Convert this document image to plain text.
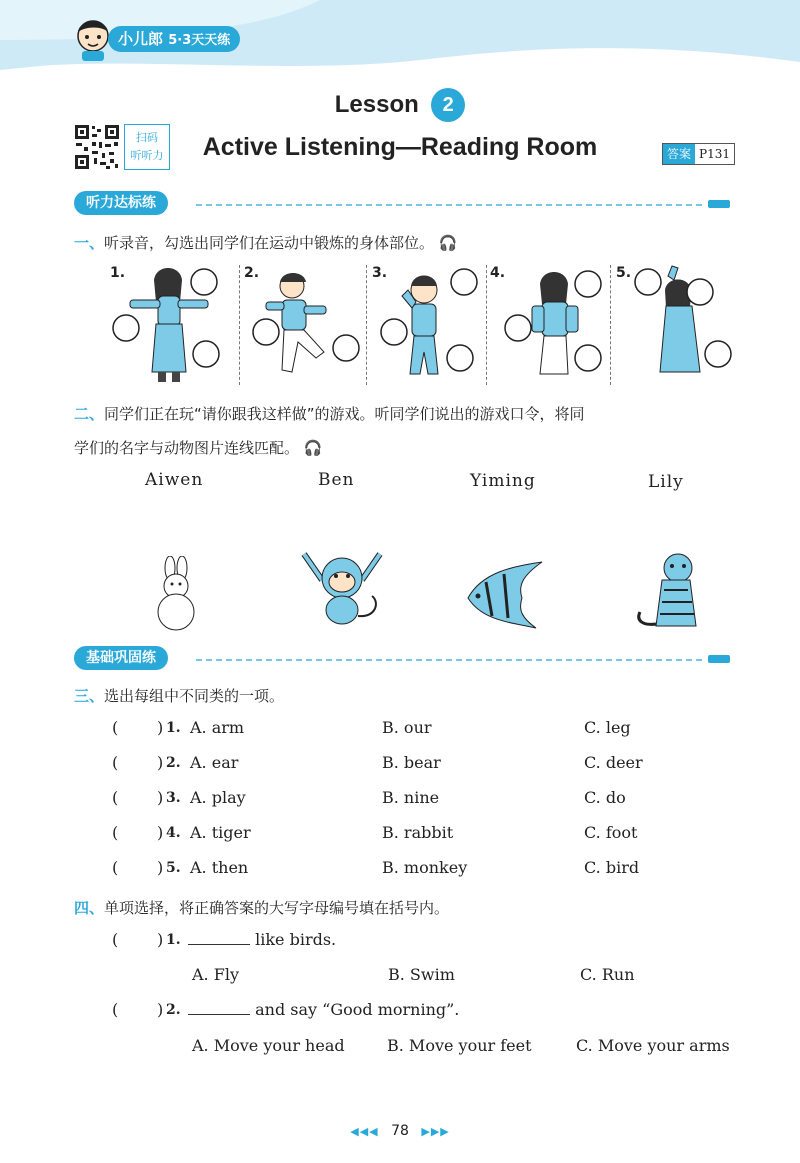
小儿郎 5·3天天练
Lesson 2
Active Listening—Reading Room
扫码
听听力	答案 P131
听力达标练
一、听录音，勾选出同学们在运动中锻炼的身体部位。 🎧
1.	2.	3.	4.	5.
二、同学们正在玩“请你跟我这样做”的游戏。听同学们说出的游戏口令，将同
学们的名字与动物图片连线匹配。 🎧
Aiwen	Ben	Yiming	Lily
基础巩固练
三、选出每组中不同类的一项。
( ) 1. A. arm	B. our	C. leg
( ) 2. A. ear	B. bear	C. deer
( ) 3. A. play	B. nine	C. do
( ) 4. A. tiger	B. rabbit	C. foot
( ) 5. A. then	B. monkey	C. bird
四、单项选择，将正确答案的大写字母编号填在括号内。
( ) 1.	like birds.
A. Fly	B. Swim	C. Run
( ) 2.	and say “Good morning”.
A. Move your head	B. Move your feet	C. Move your arms
◀◀◀ 78 ▶▶▶
